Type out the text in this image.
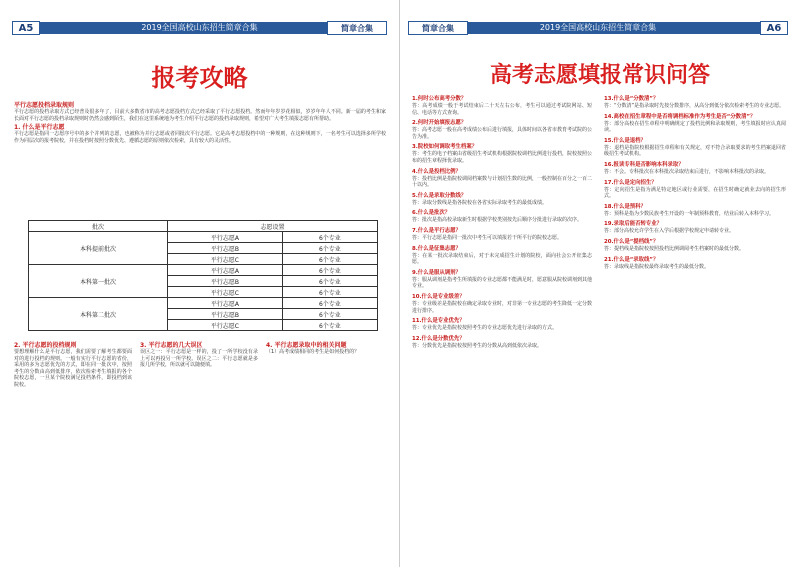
2019全国高校山东招生简章合集
A5	简章合集
报考攻略
平行志愿投档录取规则

平行志愿的投档录取方式已经普及很多年了，目前大多数省市的高考志愿投档方式已经采取了平行志愿投档。然而年年岁岁花相似，岁岁年年人不同。新一届的考生和家长面对平行志愿的投档录取规则时仍然会感到陌生，我们在这里系统地为考生介绍平行志愿的投档录取规则，希望对广大考生填报志愿有所帮助。

1. 什么是平行志愿

平行志愿是指同一志愿序号中的多个并列的志愿，也被称为并行志愿或者同批次平行志愿。它是高考志愿投档中的一种规则，在这种规则下，一名考生可以选择多所学校作为同层次的报考院校，并在投档时按照分数优先、遵循志愿的原则依次检索，具有较大的灵活性。

批次	志愿设置	
本科提前批次	平行志愿A	6个专业
	平行志愿B	6个专业
	平行志愿C	6个专业
本科第一批次	平行志愿A	6个专业
	平行志愿B	6个专业
	平行志愿C	6个专业
本科第二批次	平行志愿A	6个专业
	平行志愿B	6个专业
	平行志愿C	6个专业
2. 平行志愿的投档规则

要想理解什么是平行志愿，我们需要了解考生都要面对的进行投档的规则。一般有实行平行志愿的省份，采用的多为志愿优先的方式，即在同一批次中，按照考生的分数由高到低排序，依次检索考生填报的各个院校志愿，一旦某个院校满足投档条件，即投档到该院校。

3. 平行志愿的几大误区

误区之一：平行志愿是一样的，投了一所学校没有录上可以再投另一所学校。误区之二：平行志愿就是多报几所学校，所以就可以随便填。

4. 平行志愿录取中的相关问题

（1）高考成绩相同的考生是如何投档的？

2019全国高校山东招生简章合集
简章合集	A6
高考志愿填报常识问答
1.何时公布高考分数？

答：高考成绩一般于考试结束后二十天左右公布，考生可以通过考试院网站、短信、电话等方式查询。

2.何时开始填报志愿？

答：高考志愿一般在高考成绩公布后进行填报，具体时间以各省市教育考试院的公告为准。

3.院校如何调取考生档案？

答：考生的电子档案由省级招生考试机构根据院校调档比例进行投档，院校按照公布的招生章程择优录取。

4.什么是投档比例？

答：投档比例是指院校调阅档案数与计划招生数的比例，一般控制在百分之一百二十以内。

5.什么是录取分数线？

答：录取分数线是指各院校在各省实际录取考生的最低成绩。

6.什么是批次？

答：批次是指高校录取新生时根据学校类别按先后顺序分批进行录取的次序。

7.什么是平行志愿？

答：平行志愿是指同一批次中考生可以填报若干所平行的院校志愿。

8.什么是征集志愿？

答：在某一批次录取结束后，对于未完成招生计划的院校，面向社会公开征集志愿。

9.什么是服从调剂？

答：服从调剂是指考生所填报的专业志愿都不能满足时，愿意服从院校调剂到其他专业。

10.什么是专业级差？

答：专业级差是指院校在确定录取专业时，对非第一专业志愿的考生降低一定分数进行排序。

11.什么是专业优先？

答：专业优先是指院校按照考生的专业志愿优先进行录取的方式。

12.什么是分数优先？

答：分数优先是指院校按照考生的分数从高到低依次录取。

13.什么是“分数清”？

答：“分数清”是指录取时先按分数排序，从高分到低分依次检索考生的专业志愿。

14.高校在招生章程中是否将调档标准作为考生是否“分数清”？

答：部分高校在招生章程中明确规定了投档比例和录取规则，考生填报时应认真阅读。

15.什么是退档？

答：退档是指院校根据招生章程和有关规定，对不符合录取要求的考生档案退回省级招生考试机构。

16.报读专科是否影响本科录取？

答：不会。专科批次在本科批次录取结束后进行，不影响本科批次的录取。

17.什么是定向招生？

答：定向招生是指为满足特定地区或行业需要，在招生时确定就业去向的招生形式。

18.什么是预科？

答：预科是指为少数民族考生开设的一年制预科教育，结业后转入本科学习。

19.录取后能否转专业？

答：部分高校允许学生在入学后根据学校规定申请转专业。

20.什么是“提档线”？

答：提档线是指院校按照投档比例调阅考生档案时的最低分数。

21.什么是“录取线”？

答：录取线是指院校最终录取考生的最低分数。
